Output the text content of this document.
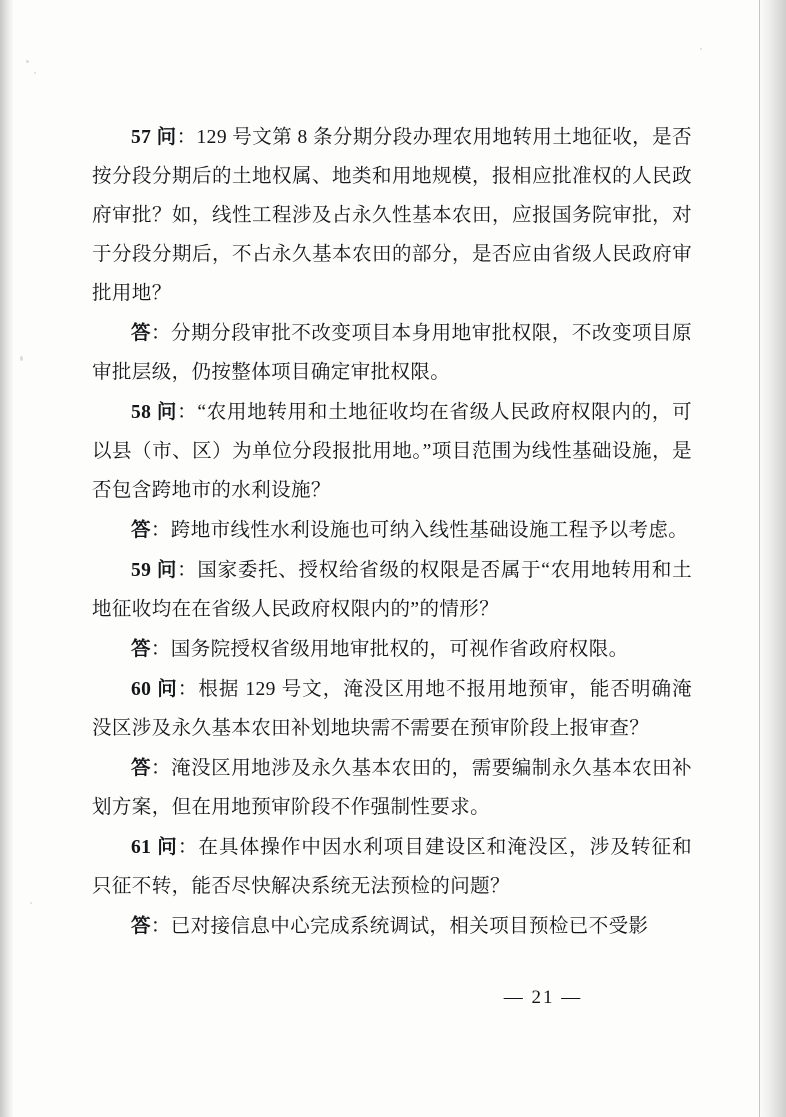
57 问：129 号文第 8 条分期分段办理农用地转用土地征收，是否按分段分期后的土地权属、地类和用地规模，报相应批准权的人民政府审批？如，线性工程涉及占永久性基本农田，应报国务院审批，对于分段分期后，不占永久基本农田的部分，是否应由省级人民政府审批用地？

答：分期分段审批不改变项目本身用地审批权限，不改变项目原审批层级，仍按整体项目确定审批权限。

58 问：“农用地转用和土地征收均在省级人民政府权限内的，可以县（市、区）为单位分段报批用地。”项目范围为线性基础设施，是否包含跨地市的水利设施？

答：跨地市线性水利设施也可纳入线性基础设施工程予以考虑。

59 问：国家委托、授权给省级的权限是否属于“农用地转用和土地征收均在在省级人民政府权限内的”的情形？

答：国务院授权省级用地审批权的，可视作省政府权限。

60 问：根据 129 号文，淹没区用地不报用地预审，能否明确淹没区涉及永久基本农田补划地块需不需要在预审阶段上报审查？

答：淹没区用地涉及永久基本农田的，需要编制永久基本农田补划方案，但在用地预审阶段不作强制性要求。

61 问：在具体操作中因水利项目建设区和淹没区，涉及转征和只征不转，能否尽快解决系统无法预检的问题？

答：已对接信息中心完成系统调试，相关项目预检已不受影

— 21 —
